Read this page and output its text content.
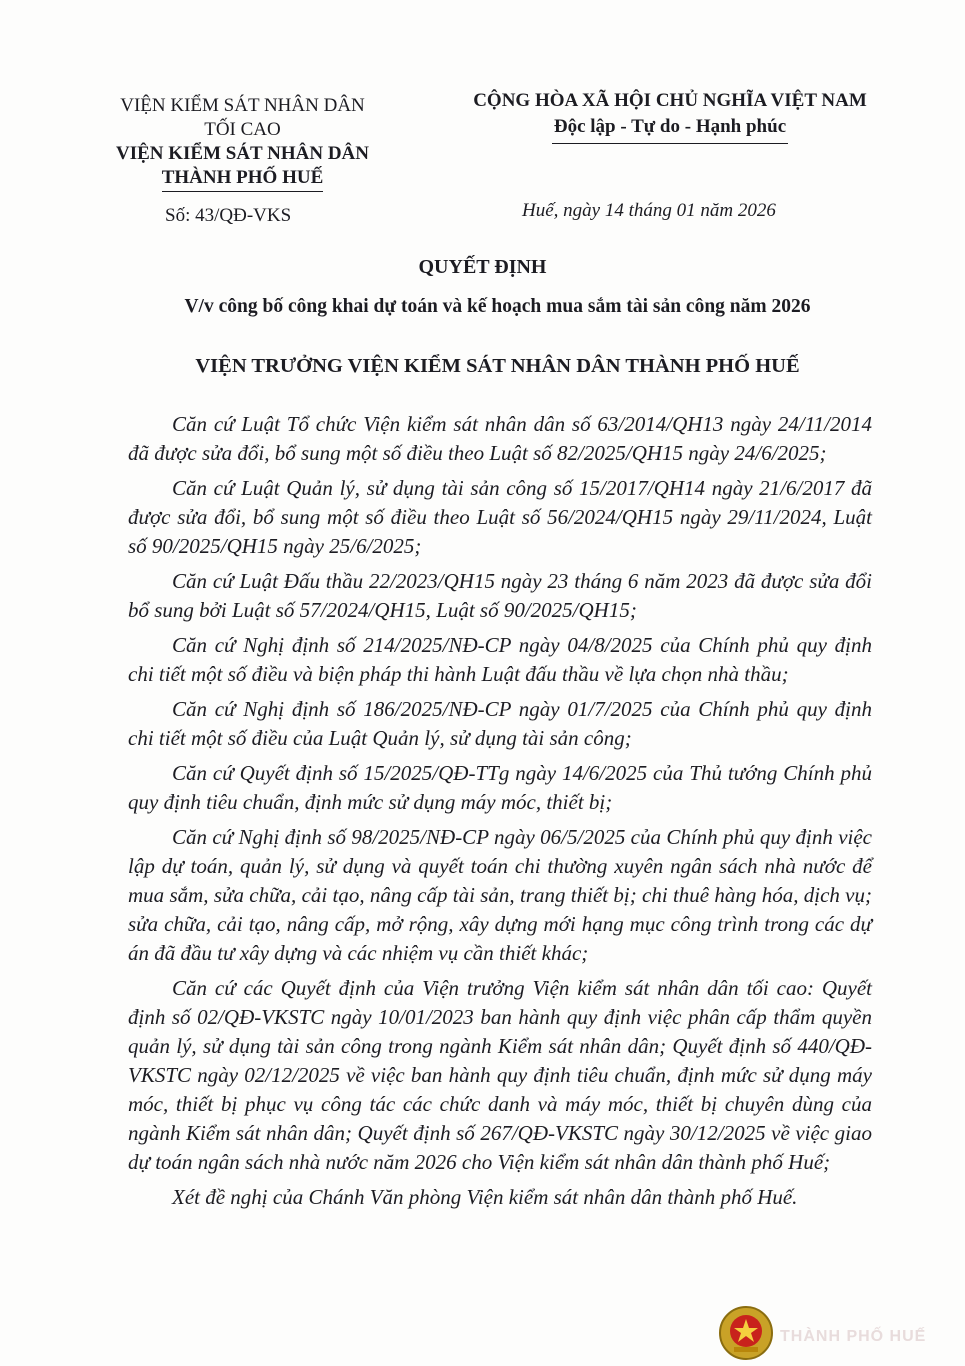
VIỆN KIỂM SÁT NHÂN DÂN
TỐI CAO
VIỆN KIỂM SÁT NHÂN DÂN
THÀNH PHỐ HUẾ
Số: 43/QĐ-VKS
CỘNG HÒA XÃ HỘI CHỦ NGHĨA VIỆT NAM
Độc lập - Tự do - Hạnh phúc
Huế, ngày 14 tháng 01 năm 2026
QUYẾT ĐỊNH
V/v công bố công khai dự toán và kế hoạch mua sắm tài sản công năm 2026
VIỆN TRƯỞNG VIỆN KIỂM SÁT NHÂN DÂN THÀNH PHỐ HUẾ

Căn cứ Luật Tổ chức Viện kiểm sát nhân dân số 63/2014/QH13 ngày 24/11/2014 đã được sửa đổi, bổ sung một số điều theo Luật số 82/2025/QH15 ngày 24/6/2025;

Căn cứ Luật Quản lý, sử dụng tài sản công số 15/2017/QH14 ngày 21/6/2017 đã được sửa đổi, bổ sung một số điều theo Luật số 56/2024/QH15 ngày 29/11/2024, Luật số 90/2025/QH15 ngày 25/6/2025;

Căn cứ Luật Đấu thầu 22/2023/QH15 ngày 23 tháng 6 năm 2023 đã được sửa đổi bổ sung bởi Luật số 57/2024/QH15, Luật số 90/2025/QH15;

Căn cứ Nghị định số 214/2025/NĐ-CP ngày 04/8/2025 của Chính phủ quy định chi tiết một số điều và biện pháp thi hành Luật đấu thầu về lựa chọn nhà thầu;

Căn cứ Nghị định số 186/2025/NĐ-CP ngày 01/7/2025 của Chính phủ quy định chi tiết một số điều của Luật Quản lý, sử dụng tài sản công;

Căn cứ Quyết định số 15/2025/QĐ-TTg ngày 14/6/2025 của Thủ tướng Chính phủ quy định tiêu chuẩn, định mức sử dụng máy móc, thiết bị;

Căn cứ Nghị định số 98/2025/NĐ-CP ngày 06/5/2025 của Chính phủ quy định việc lập dự toán, quản lý, sử dụng và quyết toán chi thường xuyên ngân sách nhà nước để mua sắm, sửa chữa, cải tạo, nâng cấp tài sản, trang thiết bị; chi thuê hàng hóa, dịch vụ; sửa chữa, cải tạo, nâng cấp, mở rộng, xây dựng mới hạng mục công trình trong các dự án đã đầu tư xây dựng và các nhiệm vụ cần thiết khác;

Căn cứ các Quyết định của Viện trưởng Viện kiểm sát nhân dân tối cao: Quyết định số 02/QĐ-VKSTC ngày 10/01/2023 ban hành quy định việc phân cấp thẩm quyền quản lý, sử dụng tài sản công trong ngành Kiểm sát nhân dân; Quyết định số 440/QĐ-VKSTC ngày 02/12/2025 về việc ban hành quy định tiêu chuẩn, định mức sử dụng máy móc, thiết bị phục vụ công tác các chức danh và máy móc, thiết bị chuyên dùng của ngành Kiểm sát nhân dân; Quyết định số 267/QĐ-VKSTC ngày 30/12/2025 về việc giao dự toán ngân sách nhà nước năm 2026 cho Viện kiểm sát nhân dân thành phố Huế;

Xét đề nghị của Chánh Văn phòng Viện kiểm sát nhân dân thành phố Huế.

THÀNH PHỐ HUẾ
